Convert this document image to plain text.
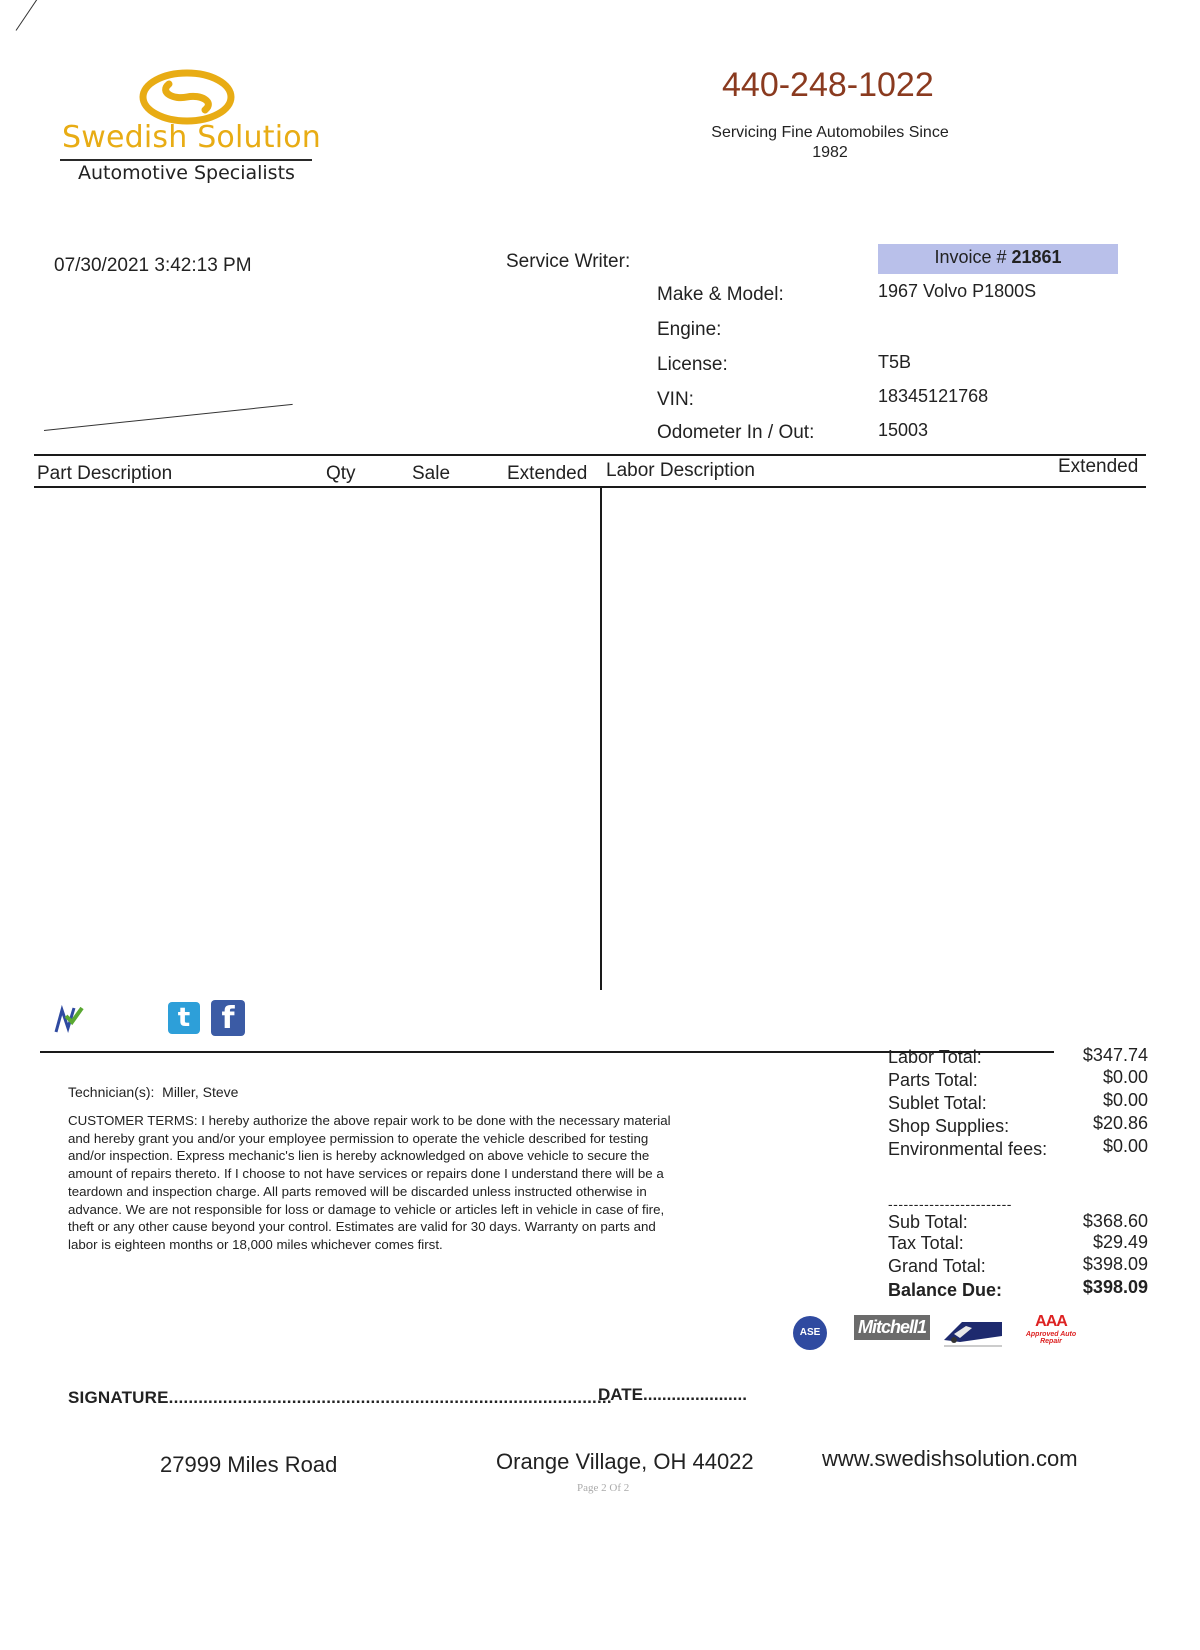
Swedish Solution
Automotive Specialists
440-248-1022
Servicing Fine Automobiles Since
1982
07/30/2021 3:42:13 PM	Service Writer:	Invoice # 21861
Make & Model:	1967 Volvo P1800S
Engine:
License:	T5B
VIN:	18345121768
Odometer In / Out:	15003
Part Description	Qty	Sale	Extended Labor Description	Extended
t	f
Technician(s): Miller, Steve
CUSTOMER TERMS: I hereby authorize the above repair work to be done with the necessary material and hereby grant you and/or your employee permission to operate the vehicle described for testing and/or inspection. Express mechanic's lien is hereby acknowledged on above vehicle to secure the amount of repairs thereto. If I choose to not have services or repairs done I understand there will be a teardown and inspection charge. All parts removed will be discarded unless instructed otherwise in advance. We are not responsible for loss or damage to vehicle or articles left in vehicle in case of fire, theft or any other cause beyond your control. Estimates are valid for 30 days. Warranty on parts and labor is eighteen months or 18,000 miles whichever comes first.
Labor Total:	$347.74
Parts Total:	$0.00
Sublet Total:	$0.00
Shop Supplies:	$20.86
Environmental fees:	$0.00
------------------------
Sub Total:	$368.60
Tax Total:	$29.49
Grand Total:	$398.09
Balance Due:	$398.09
ASE	Mitchell1	AAA
Approved Auto Repair
SIGNATURE..........................................................................................
DATE......................
27999 Miles Road	Orange Village, OH 44022	www.swedishsolution.com
Page 2 Of 2
